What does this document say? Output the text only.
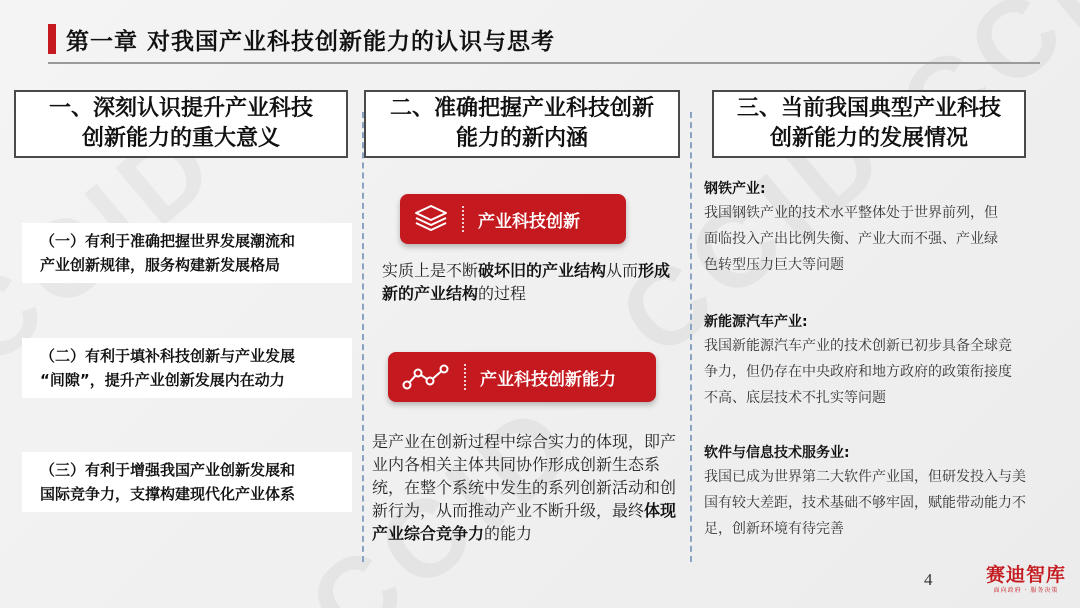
第一章 对我国产业科技创新能力的认识与思考
一、深刻认识提升产业科技
创新能力的重大意义
二、准确把握产业科技创新
能力的新内涵
三、当前我国典型产业科技
创新能力的发展情况
（一）有利于准确把握世界发展潮流和
产业创新规律，服务构建新发展格局
（二）有利于填补科技创新与产业发展
“间隙”，提升产业创新发展内在动力
（三）有利于增强我国产业创新发展和
国际竞争力，支撑构建现代化产业体系
产业科技创新
实质上是不断破坏旧的产业结构从而形成新的产业结构的过程
产业科技创新能力
是产业在创新过程中综合实力的体现，即产业内各相关主体共同协作形成创新生态系统，在整个系统中发生的系列创新活动和创新行为，从而推动产业不断升级，最终体现产业综合竞争力的能力
钢铁产业:
我国钢铁产业的技术水平整体处于世界前列，但
面临投入产出比例失衡、产业大而不强、产业绿
色转型压力巨大等问题
新能源汽车产业:
我国新能源汽车产业的技术创新已初步具备全球竞
争力，但仍存在中央政府和地方政府的政策衔接度
不高、底层技术不扎实等问题
软件与信息技术服务业:
我国已成为世界第二大软件产业国，但研发投入与美
国有较大差距，技术基础不够牢固，赋能带动能力不
足，创新环境有待完善
4	赛迪智库
面向政府 · 服务决策
